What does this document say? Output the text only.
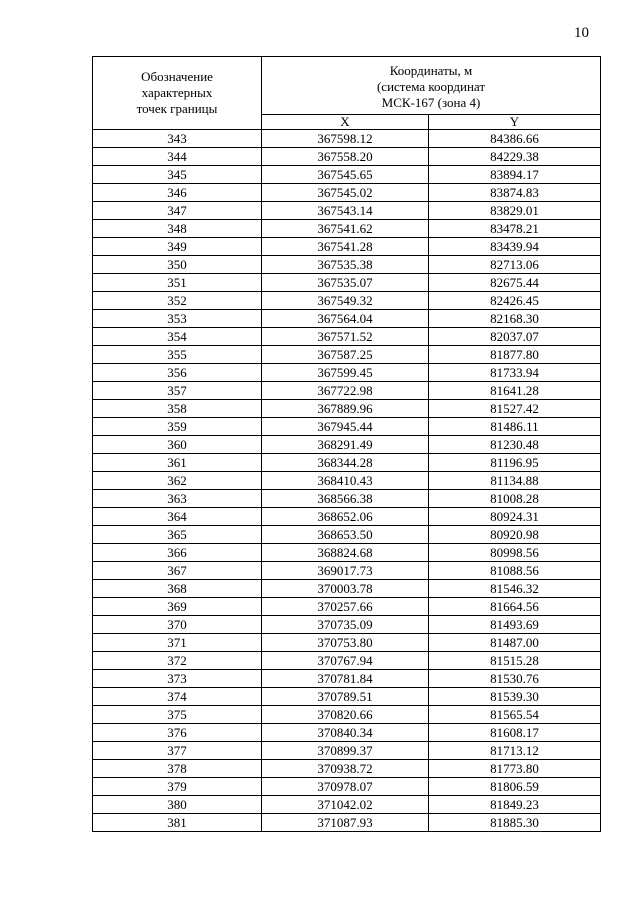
10
Обозначение
характерных
точек границы	Координаты, м
(система координат
МСК-167 (зона 4)	
	X	Y
343	367598.12	84386.66
344	367558.20	84229.38
345	367545.65	83894.17
346	367545.02	83874.83
347	367543.14	83829.01
348	367541.62	83478.21
349	367541.28	83439.94
350	367535.38	82713.06
351	367535.07	82675.44
352	367549.32	82426.45
353	367564.04	82168.30
354	367571.52	82037.07
355	367587.25	81877.80
356	367599.45	81733.94
357	367722.98	81641.28
358	367889.96	81527.42
359	367945.44	81486.11
360	368291.49	81230.48
361	368344.28	81196.95
362	368410.43	81134.88
363	368566.38	81008.28
364	368652.06	80924.31
365	368653.50	80920.98
366	368824.68	80998.56
367	369017.73	81088.56
368	370003.78	81546.32
369	370257.66	81664.56
370	370735.09	81493.69
371	370753.80	81487.00
372	370767.94	81515.28
373	370781.84	81530.76
374	370789.51	81539.30
375	370820.66	81565.54
376	370840.34	81608.17
377	370899.37	81713.12
378	370938.72	81773.80
379	370978.07	81806.59
380	371042.02	81849.23
381	371087.93	81885.30
